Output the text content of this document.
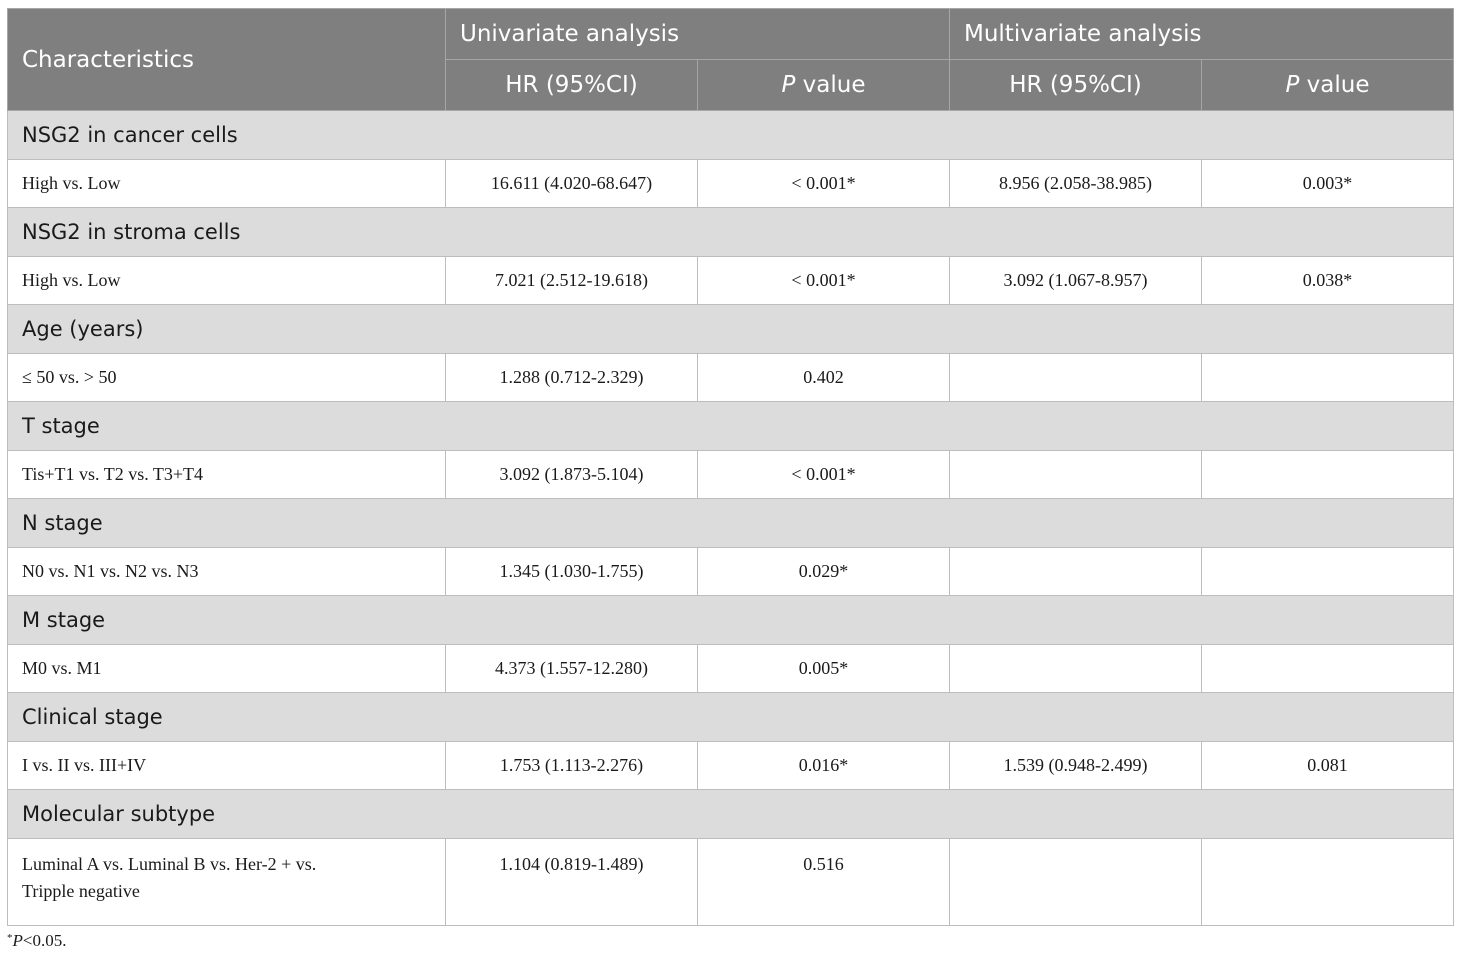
Characteristics	Univariate analysis		Multivariate analysis	
	HR (95%CI)	P value	HR (95%CI)	P value
NSG2 in cancer cells				
High vs. Low	16.611 (4.020-68.647)	< 0.001*	8.956 (2.058-38.985)	0.003*
NSG2 in stroma cells				
High vs. Low	7.021 (2.512-19.618)	< 0.001*	3.092 (1.067-8.957)	0.038*
Age (years)				
≤ 50 vs. > 50	1.288 (0.712-2.329)	0.402		
T stage				
Tis+T1 vs. T2 vs. T3+T4	3.092 (1.873-5.104)	< 0.001*		
N stage				
N0 vs. N1 vs. N2 vs. N3	1.345 (1.030-1.755)	0.029*		
M stage				
M0 vs. M1	4.373 (1.557-12.280)	0.005*		
Clinical stage				
I vs. II vs. III+IV	1.753 (1.113-2.276)	0.016*	1.539 (0.948-2.499)	0.081
Molecular subtype				
Luminal A vs. Luminal B vs. Her-2 + vs.
Tripple negative	1.104 (0.819-1.489)	0.516		
*P<0.05.
